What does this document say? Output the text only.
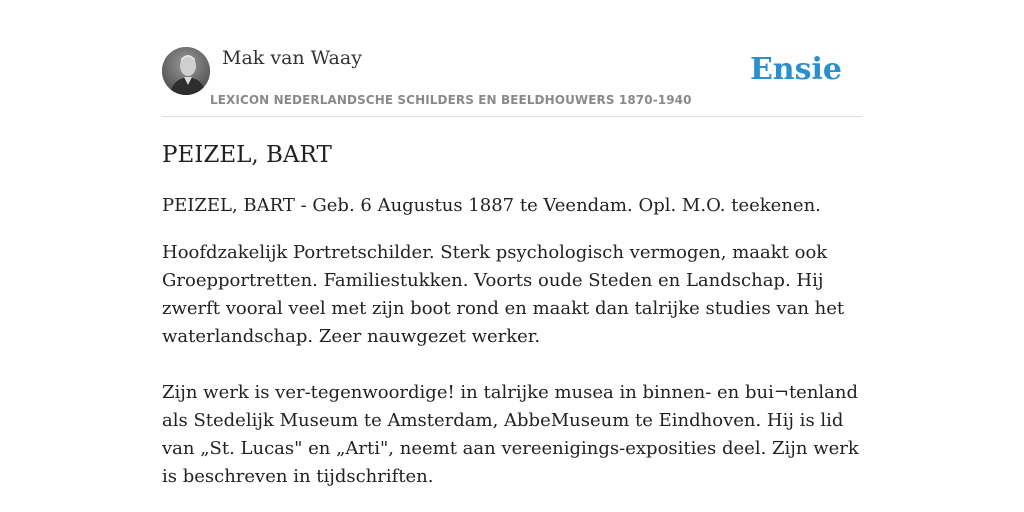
Mak van Waay
LEXICON NEDERLANDSCHE SCHILDERS EN BEELDHOUWERS 1870-1940
Ensie
PEIZEL, BART

PEIZEL, BART - Geb. 6 Augustus 1887 te Veendam. Opl. M.O. teekenen.

Hoofdzakelijk Portretschilder. Sterk psychologisch vermogen, maakt ook Groepportretten. Familiestukken. Voorts oude Steden en Landschap. Hij zwerft vooral veel met zijn boot rond en maakt dan talrijke studies van het waterlandschap. Zeer nauwgezet werker.

Zijn werk is ver-tegenwoordige! in talrijke musea in binnen- en bui¬tenland als Stedelijk Museum te Amsterdam, AbbeMuseum te Eindhoven. Hij is lid van „St. Lucas" en „Arti", neemt aan vereenigings-exposities deel. Zijn werk is beschreven in tijdschriften.
